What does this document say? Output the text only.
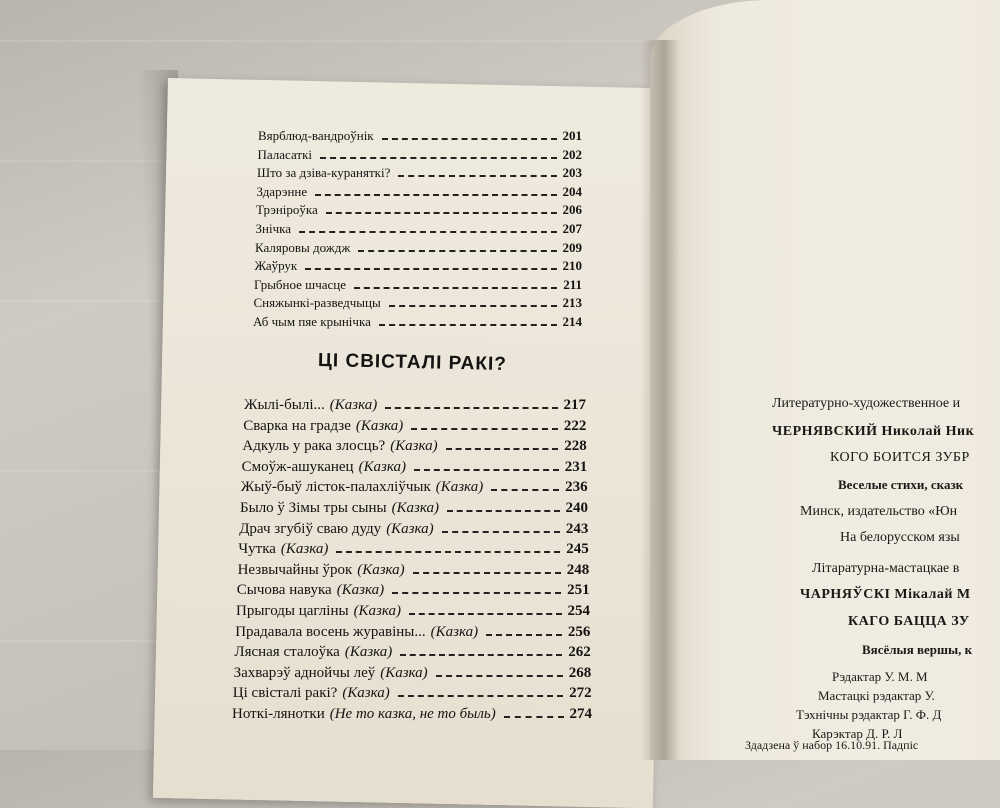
Вярблюд-вандроўнік	201
Паласаткі	202
Што за дзіва-кураняткі?	203
Здарэнне	204
Трэніроўка	206
Знічка	207
Каляровы дождж	209
Жаўрук	210
Грыбное шчасце	211
Сняжынкі-разведчыцы	213
Аб чым пяе крынічка	214
ЦІ СВІСТАЛІ РАКІ?
Жылі-былі... (Казка)	217
Сварка на градзе (Казка)	222
Адкуль у рака злосць? (Казка)	228
Смоўж-ашуканец (Казка)	231
Жыў-быў лісток-палахліўчык (Казка)	236
Было ў Зімы тры сыны (Казка)	240
Драч згубіў сваю дуду (Казка)	243
Чутка (Казка)	245
Незвычайны ўрок (Казка)	248
Сычова навука (Казка)	251
Прыгоды цагліны (Казка)	254
Прадавала восень журавіны... (Казка)	256
Лясная сталоўка (Казка)	262
Захварэў аднойчы леў (Казка)	268
Ці свісталі ракі? (Казка)	272
Ноткі-лянотки (Не то казка, не то быль)	274
Литературно-художественное и
ЧЕРНЯВСКИЙ Николай Ник
КОГО БОИТСЯ ЗУБР
Веселые стихи, сказк
Минск, издательство «Юн
На белорусском язы
Літаратурна-мастацкае в
ЧАРНЯЎСКІ Мікалай М
КАГО БАЦЦА ЗУ
Вясёлыя вершы, к
Рэдактар У. М. М
Мастацкі рэдактар У.
Тэхнічны рэдактар Г. Ф. Д
Карэктар Д. Р. Л
Здадзена ў набор 16.10.91. Падпіс
